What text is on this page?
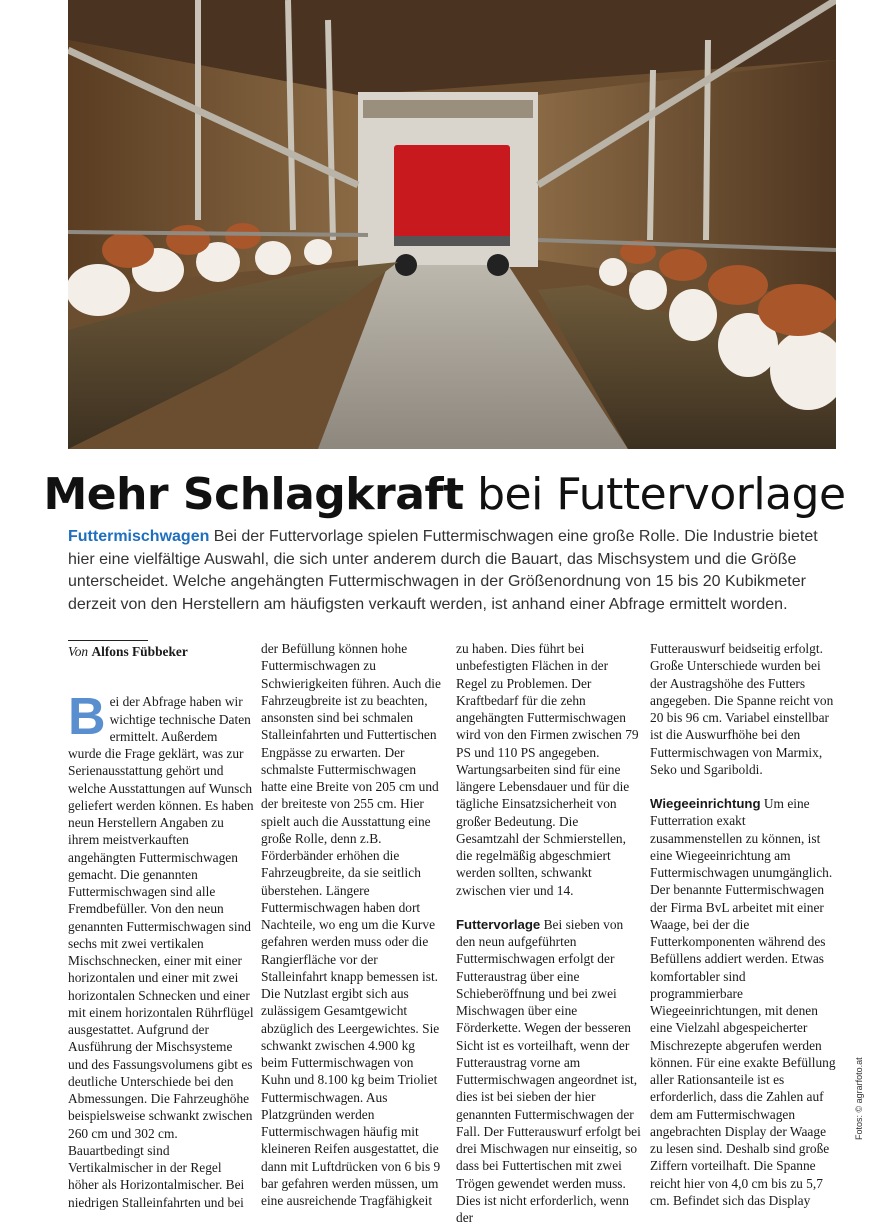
Mehr Schlagkraft bei Futtervorlage
Futtermischwagen Bei der Futtervorlage spielen Futtermischwagen eine große Rolle. Die Industrie bietet hier eine vielfältige Auswahl, die sich unter anderem durch die Bauart, das Mischsystem und die Größe unterscheidet. Welche angehängten Futtermischwagen in der Größenordnung von 15 bis 20 Kubikmeter derzeit von den Herstellern am häufigsten verkauft werden, ist anhand einer Abfrage ermittelt worden.
Von Alfons Fübbeker

Bei der Abfrage haben wir wichtige technische Daten ermittelt. Außerdem wurde die Frage geklärt, was zur Serienausstattung gehört und welche Ausstattungen auf Wunsch geliefert werden können. Es haben neun Herstellern Angaben zu ihrem meistverkauften angehängten Futtermischwagen gemacht. Die genannten Futtermischwagen sind alle Fremdbefüller. Von den neun genannten Futtermischwagen sind sechs mit zwei vertikalen Mischschnecken, einer mit einer horizontalen und einer mit zwei horizontalen Schnecken und einer mit einem horizontalen Rührflügel ausgestattet. Aufgrund der Ausführung der Mischsysteme und des Fassungsvolumens gibt es deutliche Unterschiede bei den Abmessungen. Die Fahrzeughöhe beispielsweise schwankt zwischen 260 cm und 302 cm. Bauartbedingt sind Vertikalmischer in der Regel höher als Horizontalmischer. Bei niedrigen Stalleinfahrten und bei

der Befüllung können hohe Futtermischwagen zu Schwierigkeiten führen. Auch die Fahrzeugbreite ist zu beachten, ansonsten sind bei schmalen Stalleinfahrten und Futtertischen Engpässe zu erwarten. Der schmalste Futtermischwagen hatte eine Breite von 205 cm und der breiteste von 255 cm. Hier spielt auch die Ausstattung eine große Rolle, denn z.B. Förderbänder erhöhen die Fahrzeugbreite, da sie seitlich überstehen. Längere Futtermischwagen haben dort Nachteile, wo eng um die Kurve gefahren werden muss oder die Rangierfläche vor der Stalleinfahrt knapp bemessen ist. Die Nutzlast ergibt sich aus zulässigem Gesamtgewicht abzüglich des Leergewichtes. Sie schwankt zwischen 4.900 kg beim Futtermischwagen von Kuhn und 8.100 kg beim Trioliet Futtermischwagen. Aus Platzgründen werden Futtermischwagen häufig mit kleineren Reifen ausgestattet, die dann mit Luftdrücken von 6 bis 9 bar gefahren werden müssen, um eine ausreichende Tragfähigkeit

zu haben. Dies führt bei unbefestigten Flächen in der Regel zu Problemen. Der Kraftbedarf für die zehn angehängten Futtermischwagen wird von den Firmen zwischen 79 PS und 110 PS angegeben. Wartungsarbeiten sind für eine längere Lebensdauer und für die tägliche Einsatzsicherheit von großer Bedeutung. Die Gesamtzahl der Schmierstellen, die regelmäßig abgeschmiert werden sollten, schwankt zwischen vier und 14.

Futtervorlage Bei sieben von den neun aufgeführten Futtermischwagen erfolgt der Futteraustrag über eine Schieberöffnung und bei zwei Mischwagen über eine Förderkette. Wegen der besseren Sicht ist es vorteilhaft, wenn der Futteraustrag vorne am Futtermischwagen angeordnet ist, dies ist bei sieben der hier genannten Futtermischwagen der Fall. Der Futterauswurf erfolgt bei drei Mischwagen nur einseitig, so dass bei Futtertischen mit zwei Trögen gewendet werden muss. Dies ist nicht erforderlich, wenn der

Futterauswurf beidseitig erfolgt. Große Unterschiede wurden bei der Austragshöhe des Futters angegeben. Die Spanne reicht von 20 bis 96 cm. Variabel einstellbar ist die Auswurfhöhe bei den Futtermischwagen von Marmix, Seko und Sgariboldi.

Wiegeeinrichtung Um eine Futterration exakt zusammenstellen zu können, ist eine Wiegeeinrichtung am Futtermischwagen unumgänglich. Der benannte Futtermischwagen der Firma BvL arbeitet mit einer Waage, bei der die Futterkomponenten während des Befüllens addiert werden. Etwas komfortabler sind programmierbare Wiegeeinrichtungen, mit denen eine Vielzahl abgespeicherter Mischrezepte abgerufen werden können. Für eine exakte Befüllung aller Rationsanteile ist es erforderlich, dass die Zahlen auf dem am Futtermischwagen angebrachten Display der Waage zu lesen sind. Deshalb sind große Ziffern vorteilhaft. Die Spanne reicht hier von 4,0 cm bis zu 5,7 cm. Befindet sich das Display

Fotos: © agrarfoto.at
